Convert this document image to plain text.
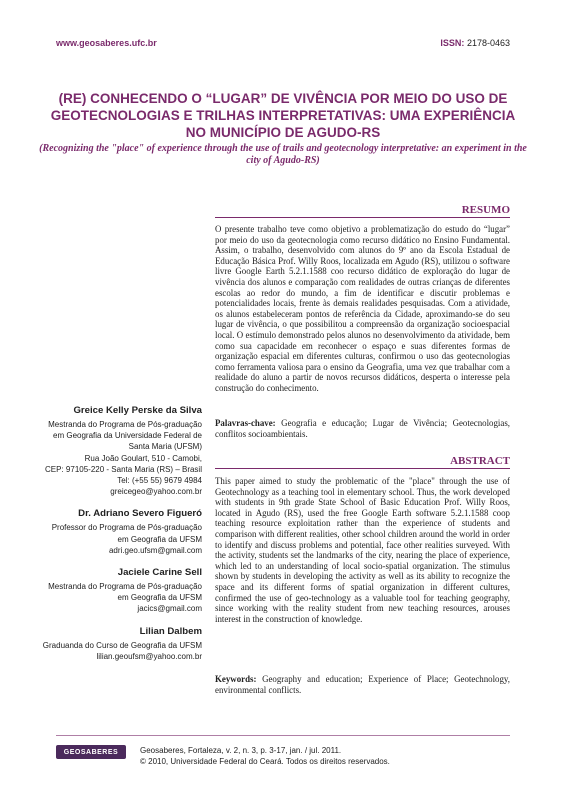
www.geosaberes.ufc.br	ISSN: 2178-0463
(RE) CONHECENDO O “LUGAR” DE VIVÊNCIA POR MEIO DO USO DE GEOTECNOLOGIAS E TRILHAS INTERPRETATIVAS: UMA EXPERIÊNCIA NO MUNICÍPIO DE AGUDO-RS

(Recognizing the "place" of experience through the use of trails and geotecnology interpretative: an experiment in the city of Agudo-RS)

RESUMO

O presente trabalho teve como objetivo a problematização do estudo do “lugar” por meio do uso da geotecnologia como recurso didático no Ensino Fundamental. Assim, o trabalho, desenvolvido com alunos do 9º ano da Escola Estadual de Educação Básica Prof. Willy Roos, localizada em Agudo (RS), utilizou o software livre Google Earth 5.2.1.1588 coo recurso didático de exploração do lugar de vivência dos alunos e comparação com realidades de outras crianças de diferentes escolas ao redor do mundo, a fim de identificar e discutir problemas e potencialidades locais, frente às demais realidades pesquisadas. Com a atividade, os alunos estabeleceram pontos de referência da Cidade, aproximando-se do seu lugar de vivência, o que possibilitou a compreensão da organização socioespacial local. O estímulo demonstrado pelos alunos no desenvolvimento da atividade, bem como sua capacidade em reconhecer o espaço e suas diferentes formas de organização espacial em diferentes culturas, confirmou o uso das geotecnologias como ferramenta valiosa para o ensino da Geografia, uma vez que trabalhar com a realidade do aluno a partir de novos recursos didáticos, desperta o interesse pela construção do conhecimento.

Palavras-chave: Geografia e educação; Lugar de Vivência; Geotecnologias, conflitos socioambientais.

ABSTRACT

This paper aimed to study the problematic of the "place" through the use of Geotechnology as a teaching tool in elementary school. Thus, the work developed with students in 9th grade State School of Basic Education Prof. Willy Roos, located in Agudo (RS), used the free Google Earth software 5.2.1.1588 coop teaching resource exploitation rather than the experience of students and comparison with different realities, other school children around the world in order to identify and discuss problems and potential, face other realities surveyed. With the activity, students set the landmarks of the city, nearing the place of experience, which led to an understanding of local socio-spatial organization. The stimulus shown by students in developing the activity as well as its ability to recognize the space and its different forms of spatial organization in different cultures, confirmed the use of geo-technology as a valuable tool for teaching geography, since working with the reality student from new teaching resources, arouses interest in the construction of knowledge.

Keywords: Geography and education; Experience of Place; Geotechnology, environmental conflicts.

Greice Kelly Perske da Silva
Mestranda do Programa de Pós-graduação
em Geografia da Universidade Federal de
Santa Maria (UFSM)
Rua João Goulart, 510 - Camobi,
CEP: 97105-220 - Santa Maria (RS) – Brasil
Tel: (+55 55) 9679 4984
greicegeo@yahoo.com.br
Dr. Adriano Severo Figueró
Professor do Programa de Pós-graduação
em Geografia da UFSM
adri.geo.ufsm@gmail.com
Jaciele Carine Sell
Mestranda do Programa de Pós-graduação
em Geografia da UFSM
jacics@gmail.com
Lilian Dalbem
Graduanda do Curso de Geografia da UFSM
lilian.geoufsm@yahoo.com.br
GEOSABERES	Geosaberes, Fortaleza, v. 2, n. 3, p. 3-17, jan. / jul. 2011.
© 2010, Universidade Federal do Ceará. Todos os direitos reservados.
